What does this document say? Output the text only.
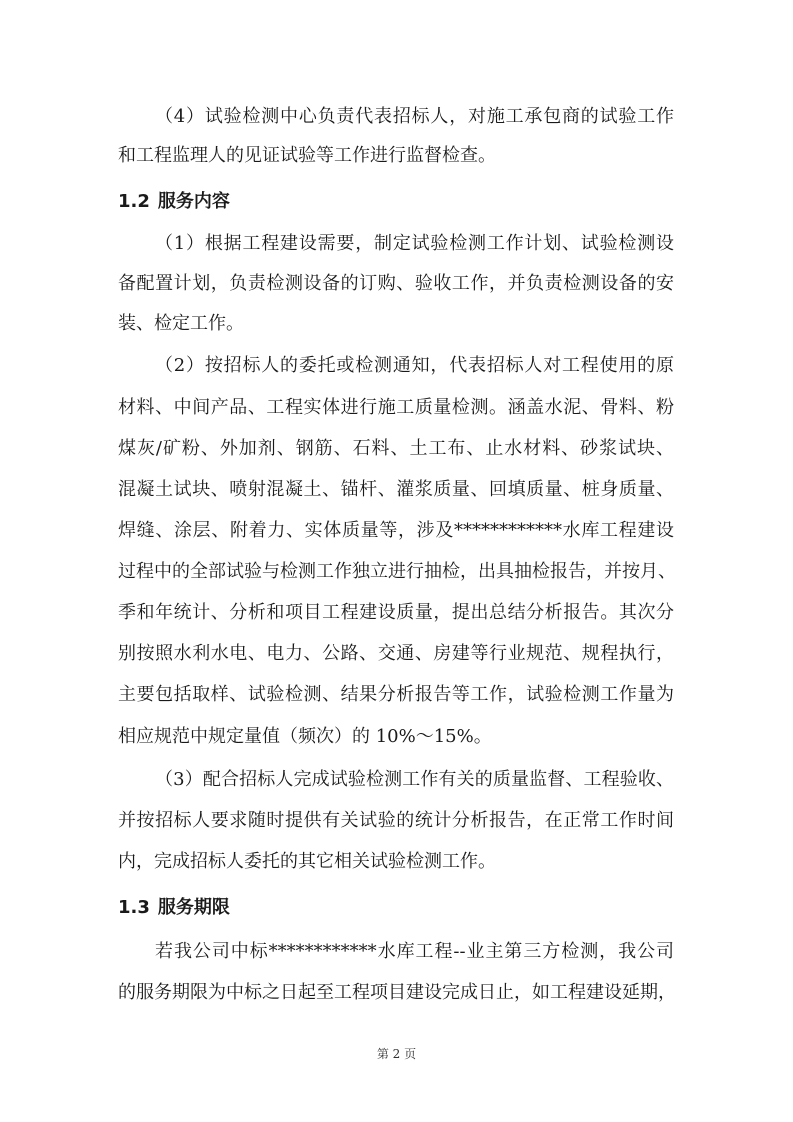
（4）试验检测中心负责代表招标人，对施工承包商的试验工作
和工程监理人的见证试验等工作进行监督检查。
1.2 服务内容
（1）根据工程建设需要，制定试验检测工作计划、试验检测设
备配置计划，负责检测设备的订购、验收工作，并负责检测设备的安
装、检定工作。
（2）按招标人的委托或检测通知，代表招标人对工程使用的原
材料、中间产品、工程实体进行施工质量检测。涵盖水泥、骨料、粉
煤灰/矿粉、外加剂、钢筋、石料、土工布、止水材料、砂浆试块、
混凝土试块、喷射混凝土、锚杆、灌浆质量、回填质量、桩身质量、
焊缝、涂层、附着力、实体质量等，涉及************水库工程建设
过程中的全部试验与检测工作独立进行抽检，出具抽检报告，并按月、
季和年统计、分析和项目工程建设质量，提出总结分析报告。其次分
别按照水利水电、电力、公路、交通、房建等行业规范、规程执行，
主要包括取样、试验检测、结果分析报告等工作，试验检测工作量为
相应规范中规定量值（频次）的 10%～15%。
（3）配合招标人完成试验检测工作有关的质量监督、工程验收、
并按招标人要求随时提供有关试验的统计分析报告，在正常工作时间
内，完成招标人委托的其它相关试验检测工作。
1.3 服务期限
若我公司中标************水库工程--业主第三方检测，我公司
的服务期限为中标之日起至工程项目建设完成日止，如工程建设延期，
第 2 页
